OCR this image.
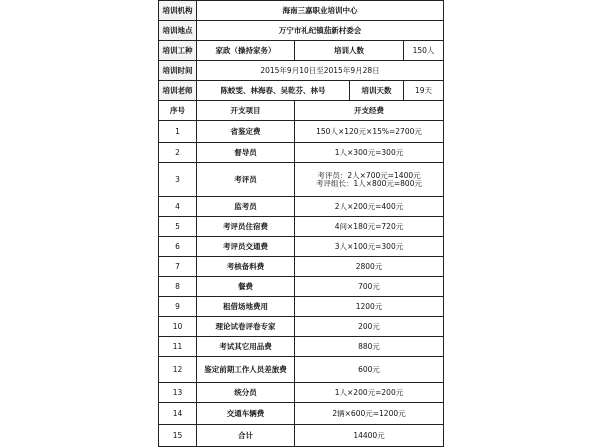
培训机构	海南三嘉职业培训中心			
培训地点	万宁市礼纪镇茄新村委会			
培训工种	家政（操持家务）	培训人数		150人
培训时间	2015年9月10日至2015年9月28日			
培训老师	陈蛟雯、林海春、吴乾芬、林号		培训天数	19天
序号	开支项目	开支经费		
1	省鉴定费	150人×120元×15%=2700元		

2	督导员	1人×300元=300元		

3	考评员	考评员：2人×700元=1400元
考评组长：1人×800元=800元		

4	监考员	2人×200元=400元		

5	考评员住宿费	4间×180元=720元		

6	考评员交通费	3人×100元=300元		

7	考核备料费	2800元		

8	餐费	700元		

9	租借场地费用	1200元		

10	理论试卷评卷专家	200元		

11	考试其它用品费	880元		

12	鉴定前期工作人员差旅费	600元		

13	统分员	1人×200元=200元		

14	交通车辆费	2辆×600元=1200元		

15	合计	14400元		
